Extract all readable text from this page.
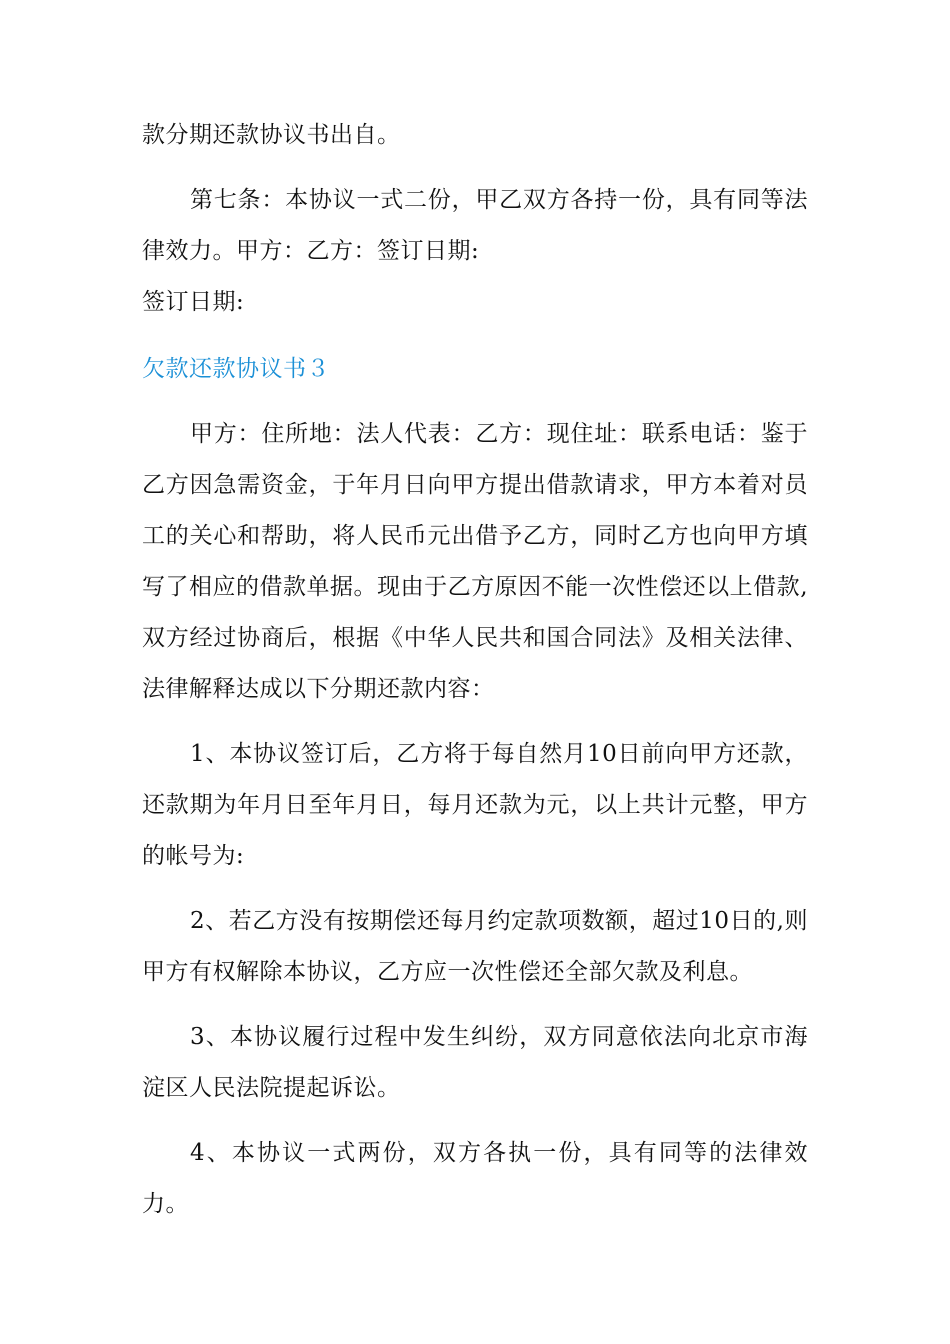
款分期还款协议书出自。

第七条：本协议一式二份，甲乙双方各持一份，具有同等法律效力。甲方：乙方：签订日期:

签订日期:

欠款还款协议书３

甲方：住所地：法人代表：乙方：现住址：联系电话：鉴于乙方因急需资金，于年月日向甲方提出借款请求，甲方本着对员工的关心和帮助，将人民币元出借予乙方，同时乙方也向甲方填写了相应的借款单据。现由于乙方原因不能一次性偿还以上借款,双方经过协商后，根据《中华人民共和国合同法》及相关法律、法律解释达成以下分期还款内容：

1、本协议签订后，乙方将于每自然月10日前向甲方还款，还款期为年月日至年月日，每月还款为元，以上共计元整，甲方的帐号为:

2、若乙方没有按期偿还每月约定款项数额，超过10日的,则甲方有权解除本协议，乙方应一次性偿还全部欠款及利息。

3、本协议履行过程中发生纠纷，双方同意依法向北京市海淀区人民法院提起诉讼。

4、本协议一式两份，双方各执一份，具有同等的法律效力。
